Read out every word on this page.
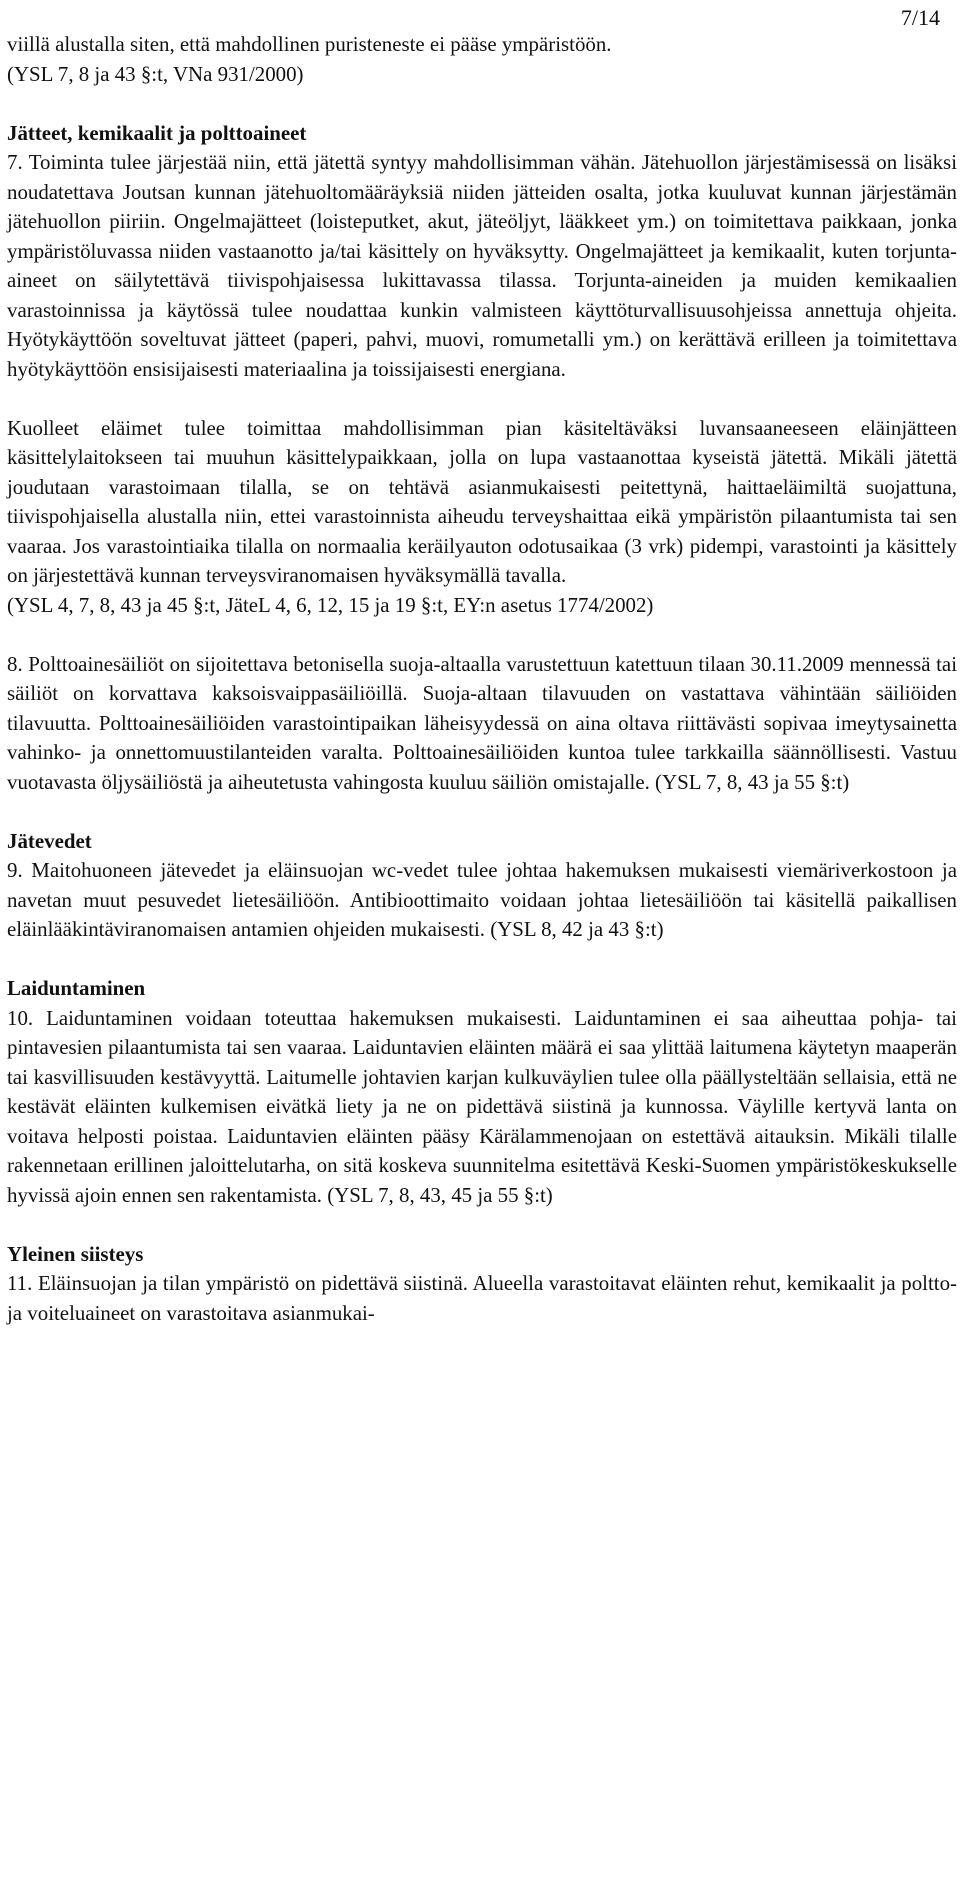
7/14

viillä alustalla siten, että mahdollinen puristeneste ei pääse ympäristöön.

(YSL 7, 8 ja 43 §:t, VNa 931/2000)

Jätteet, kemikaalit ja polttoaineet

7. Toiminta tulee järjestää niin, että jätettä syntyy mahdollisimman vähän. Jätehuollon järjestämisessä on lisäksi noudatettava Joutsan kunnan jätehuoltomääräyksiä niiden jätteiden osalta, jotka kuuluvat kunnan järjestämän jätehuollon piiriin. Ongelmajätteet (loisteputket, akut, jäteöljyt, lääkkeet ym.) on toimitettava paikkaan, jonka ympäristöluvassa niiden vastaanotto ja/tai käsittely on hyväksytty. Ongelmajätteet ja kemikaalit, kuten torjunta-aineet on säilytettävä tiivispohjaisessa lukittavassa tilassa. Torjunta-aineiden ja muiden kemikaalien varastoinnissa ja käytössä tulee noudattaa kunkin valmisteen käyttöturvallisuusohjeissa annettuja ohjeita. Hyötykäyttöön soveltuvat jätteet (paperi, pahvi, muovi, romumetalli ym.) on kerättävä erilleen ja toimitettava hyötykäyttöön ensisijaisesti materiaalina ja toissijaisesti energiana.

Kuolleet eläimet tulee toimittaa mahdollisimman pian käsiteltäväksi luvansaaneeseen eläinjätteen käsittelylaitokseen tai muuhun käsittelypaikkaan, jolla on lupa vastaanottaa kyseistä jätettä. Mikäli jätettä joudutaan varastoimaan tilalla, se on tehtävä asianmukaisesti peitettynä, haittaeläimiltä suojattuna, tiivispohjaisella alustalla niin, ettei varastoinnista aiheudu terveyshaittaa eikä ympäristön pilaantumista tai sen vaaraa. Jos varastointiaika tilalla on normaalia keräilyauton odotusaikaa (3 vrk) pidempi, varastointi ja käsittely on järjestettävä kunnan terveysviranomaisen hyväksymällä tavalla.

(YSL 4, 7, 8, 43 ja 45 §:t, JäteL 4, 6, 12, 15 ja 19 §:t, EY:n asetus 1774/2002)

8. Polttoainesäiliöt on sijoitettava betonisella suoja-altaalla varustettuun katettuun tilaan 30.11.2009 mennessä tai säiliöt on korvattava kaksoisvaippasäiliöillä. Suoja-altaan tilavuuden on vastattava vähintään säiliöiden tilavuutta. Polttoainesäiliöiden varastointipaikan läheisyydessä on aina oltava riittävästi sopivaa imeytysainetta vahinko- ja onnettomuustilanteiden varalta. Polttoainesäiliöiden kuntoa tulee tarkkailla säännöllisesti. Vastuu vuotavasta öljysäiliöstä ja aiheutetusta vahingosta kuuluu säiliön omistajalle. (YSL 7, 8, 43 ja 55 §:t)

Jätevedet

9. Maitohuoneen jätevedet ja eläinsuojan wc-vedet tulee johtaa hakemuksen mukaisesti viemäriverkostoon ja navetan muut pesuvedet lietesäiliöön. Antibioottimaito voidaan johtaa lietesäiliöön tai käsitellä paikallisen eläinlääkintäviranomaisen antamien ohjeiden mukaisesti. (YSL 8, 42 ja 43 §:t)

Laiduntaminen

10. Laiduntaminen voidaan toteuttaa hakemuksen mukaisesti. Laiduntaminen ei saa aiheuttaa pohja- tai pintavesien pilaantumista tai sen vaaraa. Laiduntavien eläinten määrä ei saa ylittää laitumena käytetyn maaperän tai kasvillisuuden kestävyyttä. Laitumelle johtavien karjan kulkuväylien tulee olla päällysteltään sellaisia, että ne kestävät eläinten kulkemisen eivätkä liety ja ne on pidettävä siistinä ja kunnossa. Väylille kertyvä lanta on voitava helposti poistaa. Laiduntavien eläinten pääsy Kärälammenojaan on estettävä aitauksin. Mikäli tilalle rakennetaan erillinen jaloittelutarha, on sitä koskeva suunnitelma esitettävä Keski-Suomen ympäristökeskukselle hyvissä ajoin ennen sen rakentamista. (YSL 7, 8, 43, 45 ja 55 §:t)

Yleinen siisteys

11. Eläinsuojan ja tilan ympäristö on pidettävä siistinä. Alueella varastoitavat eläinten rehut, kemikaalit ja poltto- ja voiteluaineet on varastoitava asianmukai-
